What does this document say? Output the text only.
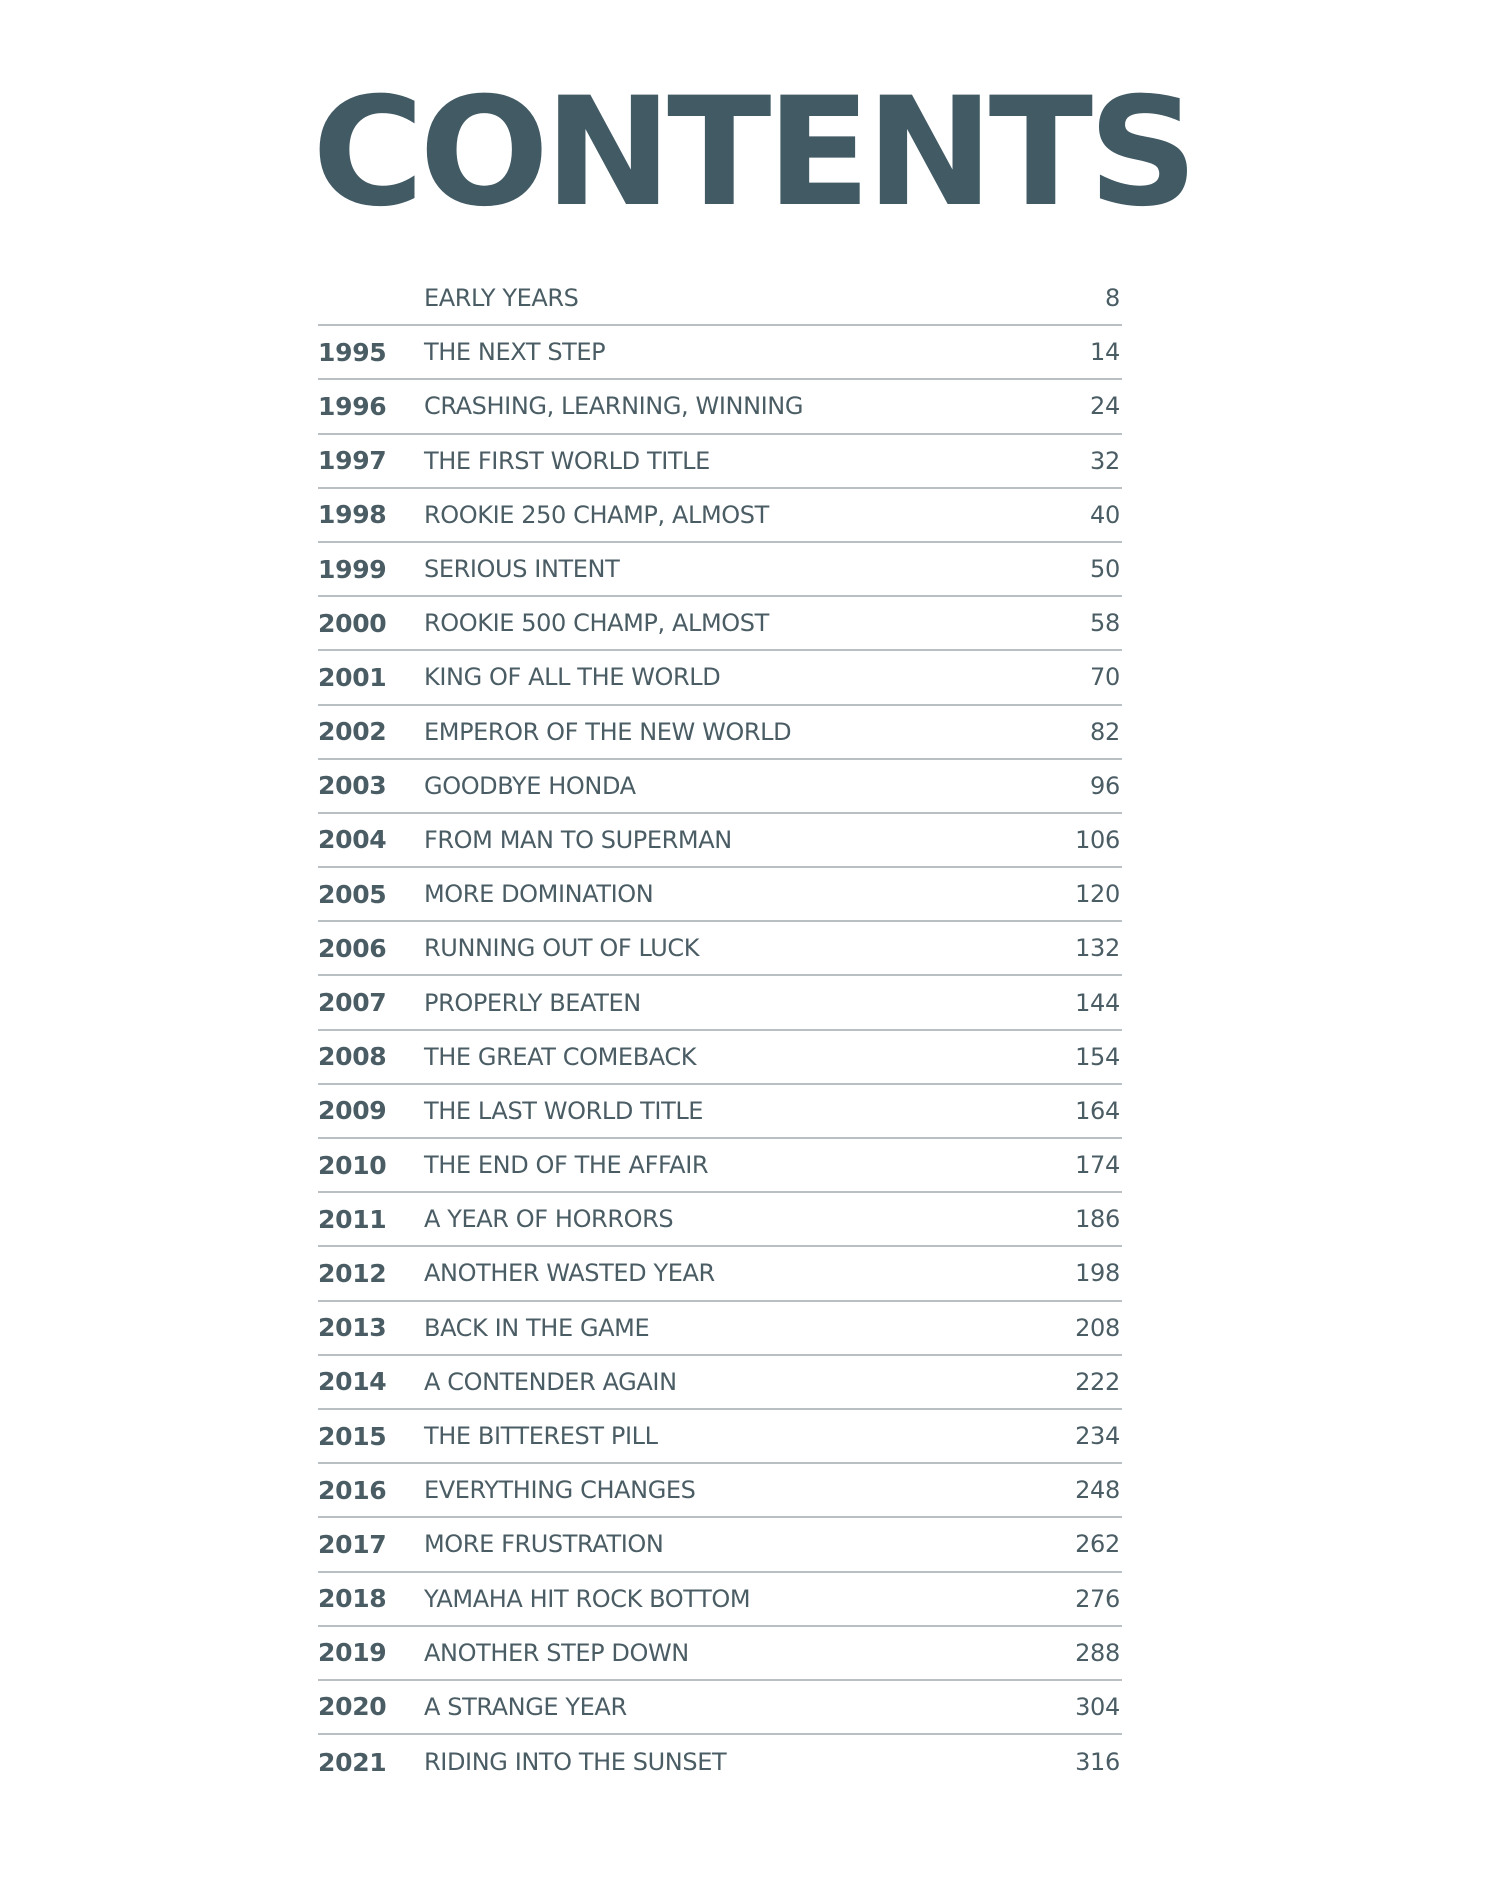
CONTENTS
EARLY YEARS	8
1995	THE NEXT STEP	14
1996	CRASHING, LEARNING, WINNING	24
1997	THE FIRST WORLD TITLE	32
1998	ROOKIE 250 CHAMP, ALMOST	40
1999	SERIOUS INTENT	50
2000	ROOKIE 500 CHAMP, ALMOST	58
2001	KING OF ALL THE WORLD	70
2002	EMPEROR OF THE NEW WORLD	82
2003	GOODBYE HONDA	96
2004	FROM MAN TO SUPERMAN	106
2005	MORE DOMINATION	120
2006	RUNNING OUT OF LUCK	132
2007	PROPERLY BEATEN	144
2008	THE GREAT COMEBACK	154
2009	THE LAST WORLD TITLE	164
2010	THE END OF THE AFFAIR	174
2011	A YEAR OF HORRORS	186
2012	ANOTHER WASTED YEAR	198
2013	BACK IN THE GAME	208
2014	A CONTENDER AGAIN	222
2015	THE BITTEREST PILL	234
2016	EVERYTHING CHANGES	248
2017	MORE FRUSTRATION	262
2018	YAMAHA HIT ROCK BOTTOM	276
2019	ANOTHER STEP DOWN	288
2020	A STRANGE YEAR	304
2021	RIDING INTO THE SUNSET	316
